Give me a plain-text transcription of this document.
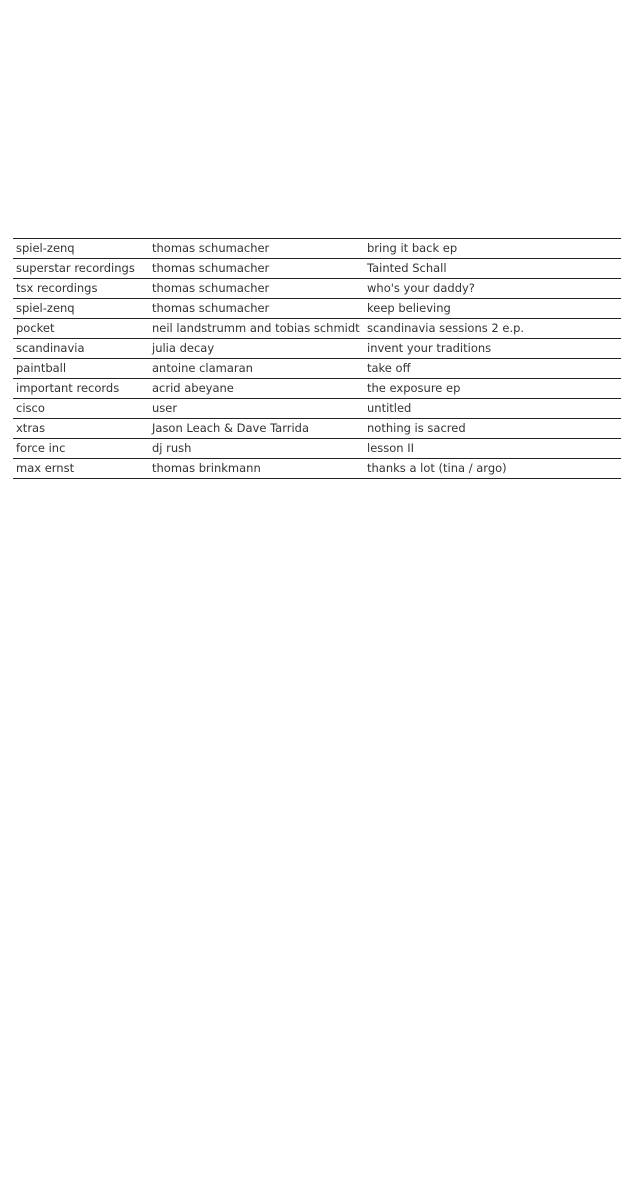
spiel-zenq	thomas schumacher	bring it back ep
superstar recordings	thomas schumacher	Tainted Schall
tsx recordings	thomas schumacher	who's your daddy?
spiel-zenq	thomas schumacher	keep believing
pocket	neil landstrumm and tobias schmidt	scandinavia sessions 2 e.p.
scandinavia	julia decay	invent your traditions
paintball	antoine clamaran	take off
important records	acrid abeyane	the exposure ep
cisco	user	untitled
xtras	Jason Leach & Dave Tarrida	nothing is sacred
force inc	dj rush	lesson II
max ernst	thomas brinkmann	thanks a lot (tina / argo)
